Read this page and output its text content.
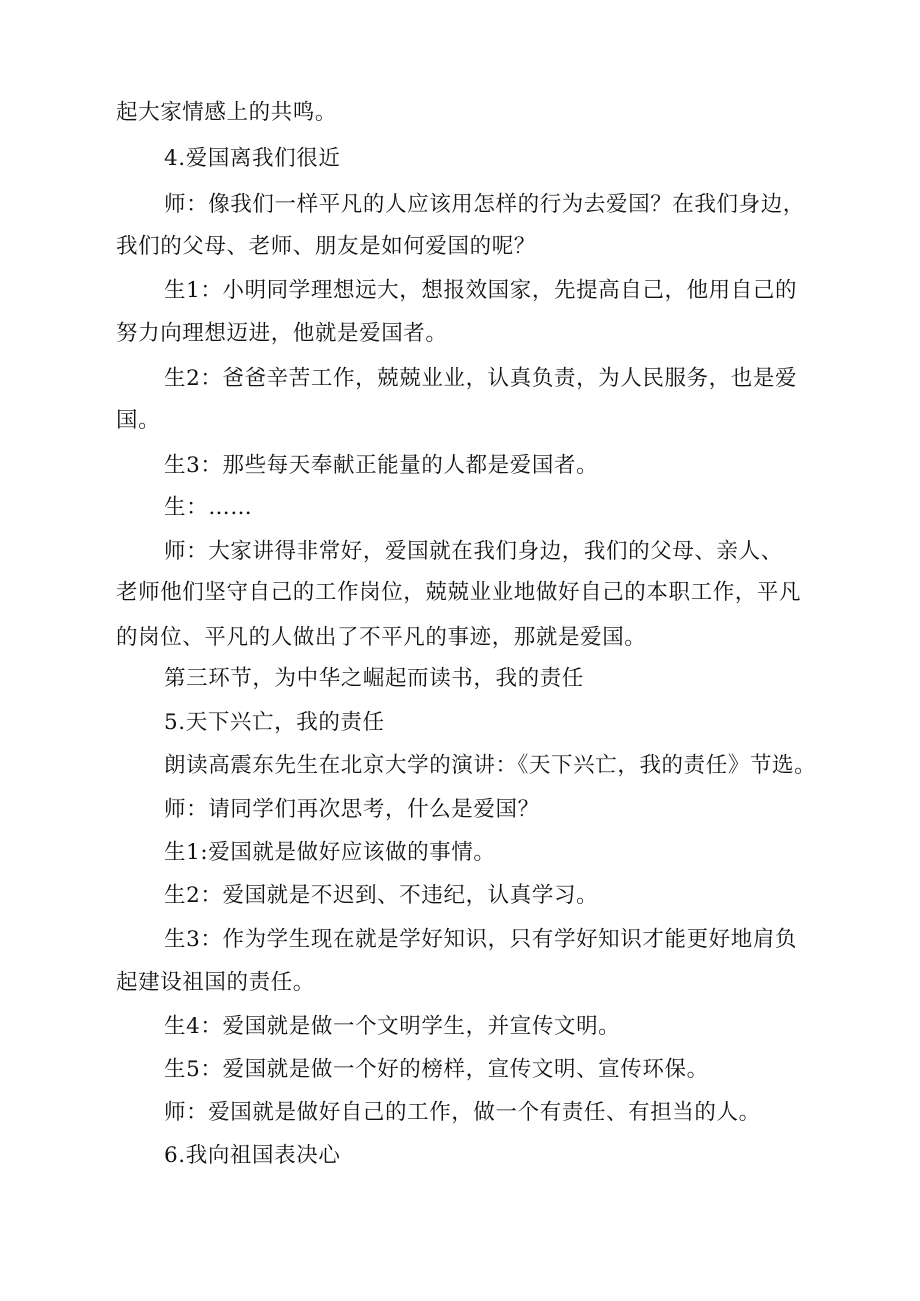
起大家情感上的共鸣。
4.爱国离我们很近
师：像我们一样平凡的人应该用怎样的行为去爱国？在我们身边，
我们的父母、老师、朋友是如何爱国的呢？
生1：小明同学理想远大，想报效国家，先提高自己，他用自己的
努力向理想迈进，他就是爱国者。
生2：爸爸辛苦工作，兢兢业业，认真负责，为人民服务，也是爱
国。
生3：那些每天奉献正能量的人都是爱国者。
生：……
师：大家讲得非常好，爱国就在我们身边，我们的父母、亲人、
老师他们坚守自己的工作岗位，兢兢业业地做好自己的本职工作，平凡
的岗位、平凡的人做出了不平凡的事迹，那就是爱国。
第三环节，为中华之崛起而读书，我的责任
5.天下兴亡，我的责任
朗读高震东先生在北京大学的演讲：《天下兴亡，我的责任》节选。
师：请同学们再次思考，什么是爱国？
生1:爱国就是做好应该做的事情。
生2：爱国就是不迟到、不违纪，认真学习。
生3：作为学生现在就是学好知识，只有学好知识才能更好地肩负
起建设祖国的责任。
生4：爱国就是做一个文明学生，并宣传文明。
生5：爱国就是做一个好的榜样，宣传文明、宣传环保。
师：爱国就是做好自己的工作，做一个有责任、有担当的人。
6.我向祖国表决心
